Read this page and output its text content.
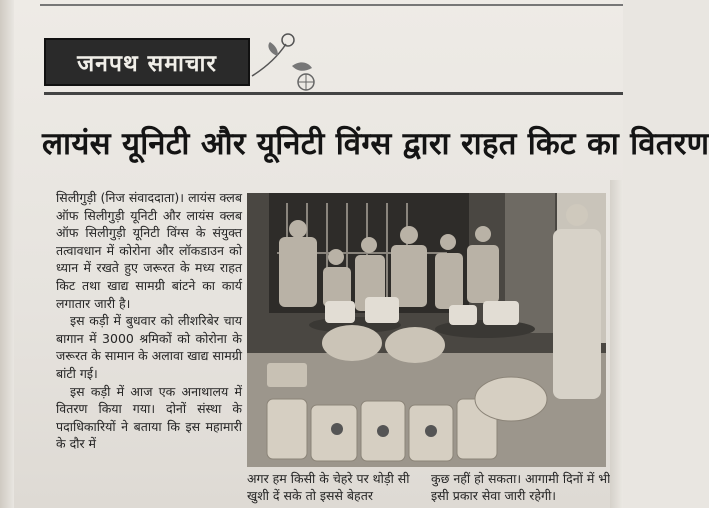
जनपथ समाचार
लायंस यूनिटी और यूनिटी विंग्स द्वारा राहत किट का वितरण

सिलीगुड़ी (निज संवाददाता)। लायंस क्लब ऑफ सिलीगुड़ी यूनिटी और लायंस क्लब ऑफ सिलीगुड़ी यूनिटी विंग्स के संयुक्त तत्वावधान में कोरोना और लॉकडाउन को ध्यान में रखते हुए जरूरत के मध्य राहत किट तथा खाद्य सामग्री बांटने का कार्य लगातार जारी है।

इस कड़ी में बुधवार को लीशरिबेर चाय बागान में 3000 श्रमिकों को कोरोना के जरूरत के सामान के अलावा खाद्य सामग्री बांटी गई।

इस कड़ी में आज एक अनाथालय में वितरण किया गया। दोनों संस्था के पदाधिकारियों ने बताया कि इस महामारी के दौर में

अगर हम किसी के चेहरे पर थोड़ी सी खुशी दें सके तो इससे बेहतर
कुछ नहीं हो सकता। आगामी दिनों में भी इसी प्रकार सेवा जारी रहेगी।
